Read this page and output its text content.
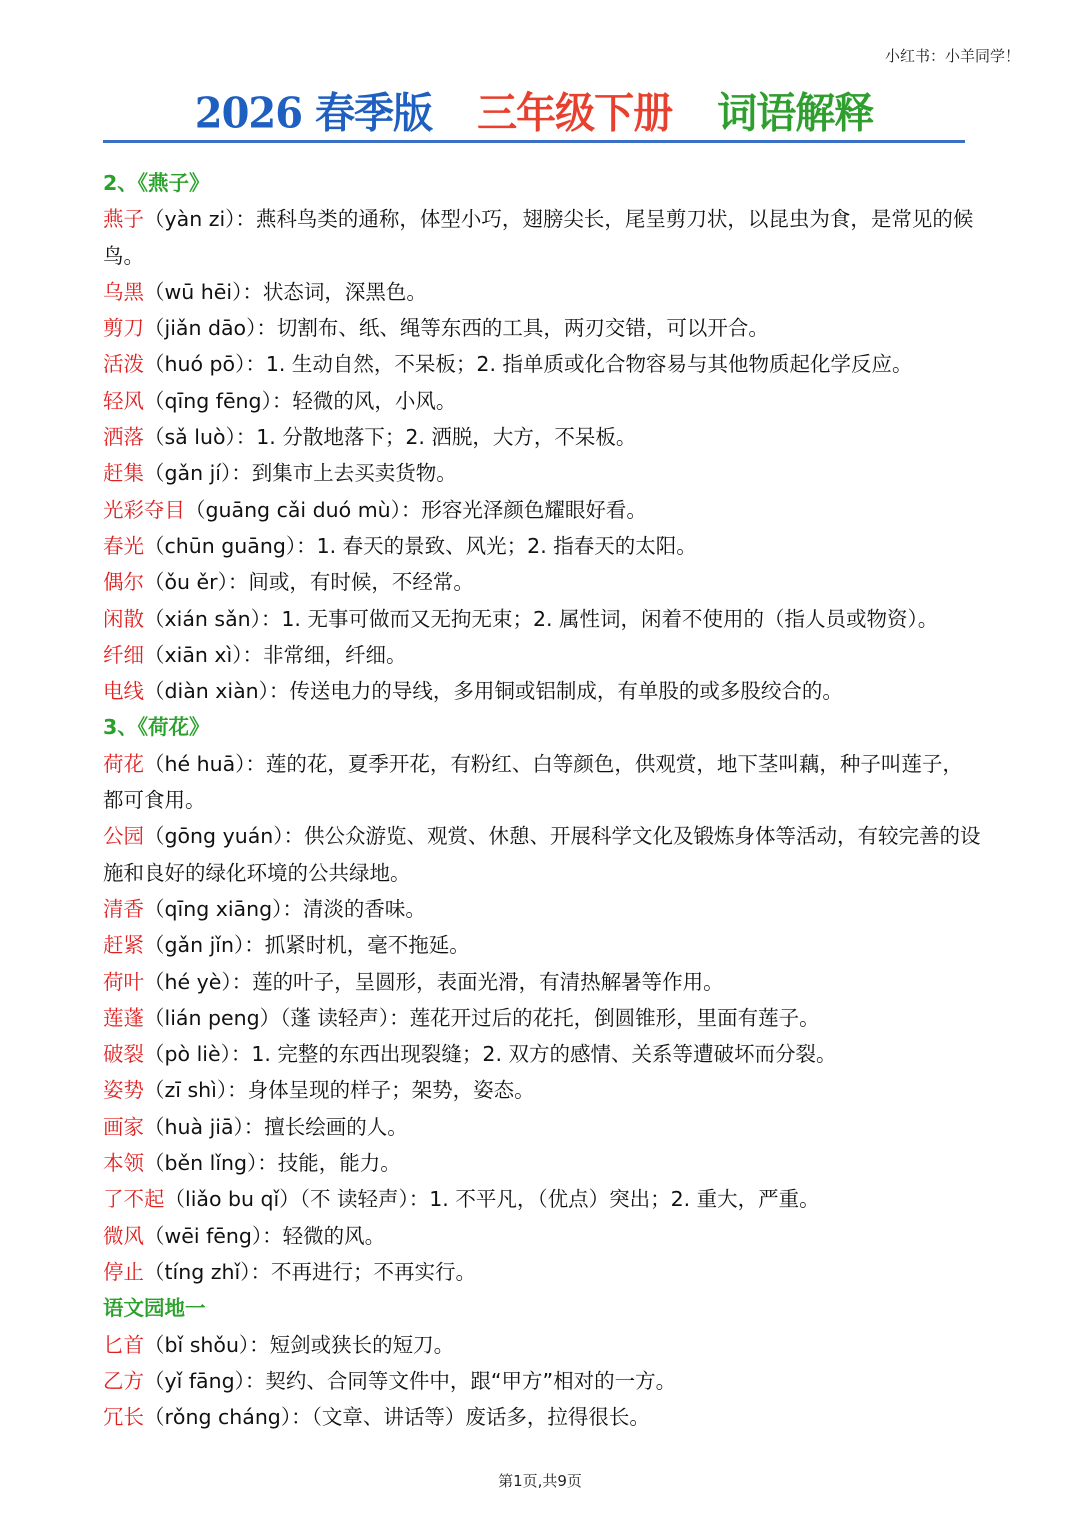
小红书：小羊同学！
2026 春季版 三年级下册 词语解释

2、《燕子》

燕子（yàn zi）：燕科鸟类的通称，体型小巧，翅膀尖长，尾呈剪刀状，以昆虫为食，是常见的候鸟。

乌黑（wū hēi）：状态词，深黑色。

剪刀（jiǎn dāo）：切割布、纸、绳等东西的工具，两刃交错，可以开合。

活泼（huó pō）：1. 生动自然，不呆板；2. 指单质或化合物容易与其他物质起化学反应。

轻风（qīng fēng）：轻微的风，小风。

洒落（sǎ luò）：1. 分散地落下；2. 洒脱，大方，不呆板。

赶集（gǎn jí）：到集市上去买卖货物。

光彩夺目（guāng cǎi duó mù）：形容光泽颜色耀眼好看。

春光（chūn guāng）：1. 春天的景致、风光；2. 指春天的太阳。

偶尔（ǒu ěr）：间或，有时候，不经常。

闲散（xián sǎn）：1. 无事可做而又无拘无束；2. 属性词，闲着不使用的（指人员或物资）。

纤细（xiān xì）：非常细，纤细。

电线（diàn xiàn）：传送电力的导线，多用铜或铝制成，有单股的或多股绞合的。

3、《荷花》

荷花（hé huā）：莲的花，夏季开花，有粉红、白等颜色，供观赏，地下茎叫藕，种子叫莲子，都可食用。

公园（gōng yuán）：供公众游览、观赏、休憩、开展科学文化及锻炼身体等活动，有较完善的设施和良好的绿化环境的公共绿地。

清香（qīng xiāng）：清淡的香味。

赶紧（gǎn jǐn）：抓紧时机，毫不拖延。

荷叶（hé yè）：莲的叶子，呈圆形，表面光滑，有清热解暑等作用。

莲蓬（lián peng）（蓬 读轻声）：莲花开过后的花托，倒圆锥形，里面有莲子。

破裂（pò liè）：1. 完整的东西出现裂缝；2. 双方的感情、关系等遭破坏而分裂。

姿势（zī shì）：身体呈现的样子；架势，姿态。

画家（huà jiā）：擅长绘画的人。

本领（běn lǐng）：技能，能力。

了不起（liǎo bu qǐ）（不 读轻声）：1. 不平凡，（优点）突出；2. 重大，严重。

微风（wēi fēng）：轻微的风。

停止（tíng zhǐ）：不再进行；不再实行。

语文园地一

匕首（bǐ shǒu）：短剑或狭长的短刀。

乙方（yǐ fāng）：契约、合同等文件中，跟“甲方”相对的一方。

冗长（rǒng cháng）：（文章、讲话等）废话多，拉得很长。

第1页,共9页
